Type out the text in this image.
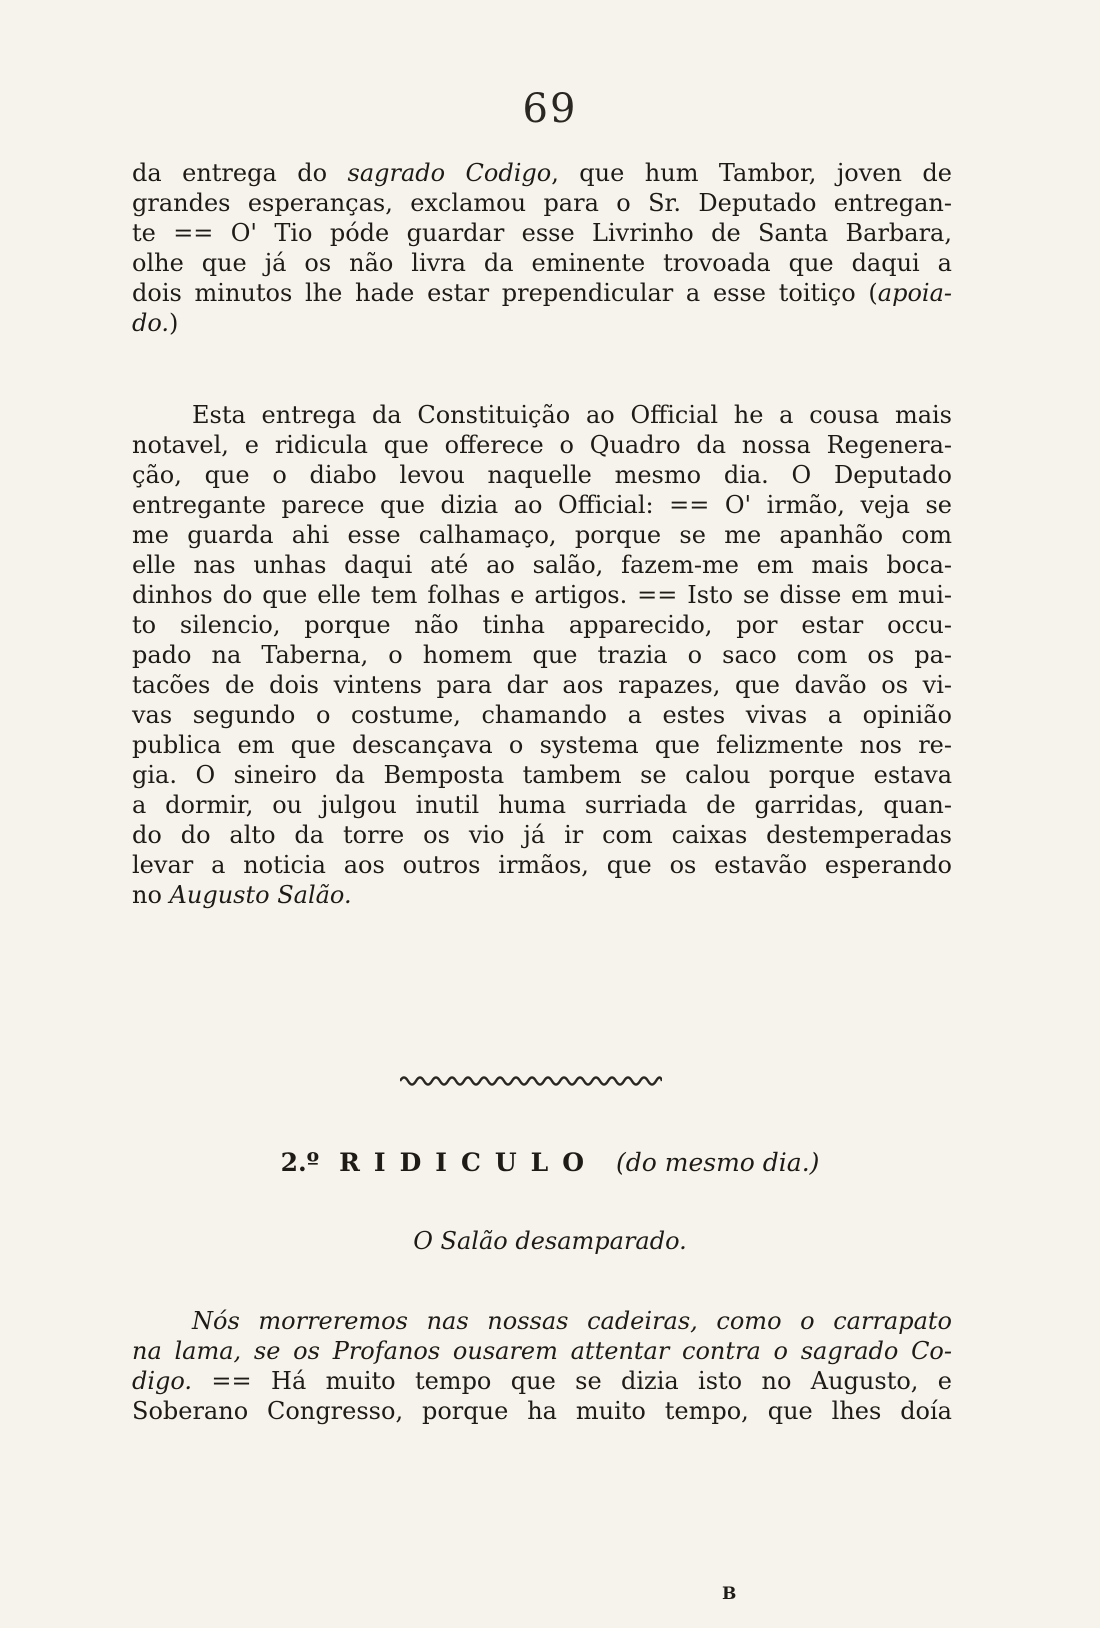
69
da entrega do sagrado Codigo, que hum Tambor, joven de
grandes esperanças, exclamou para o Sr. Deputado entregan-
te == O' Tio póde guardar esse Livrinho de Santa Barbara,
olhe que já os não livra da eminente trovoada que daqui a
dois minutos lhe hade estar prependicular a esse toitiço (apoia-
do.)
Esta entrega da Constituição ao Official he a cousa mais
notavel, e ridicula que offerece o Quadro da nossa Regenera-
ção, que o diabo levou naquelle mesmo dia. O Deputado
entregante parece que dizia ao Official: == O' irmão, veja se
me guarda ahi esse calhamaço, porque se me apanhão com
elle nas unhas daqui até ao salão, fazem-me em mais boca-
dinhos do que elle tem folhas e artigos. == Isto se disse em mui-
to silencio, porque não tinha apparecido, por estar occu-
pado na Taberna, o homem que trazia o saco com os pa-
tacões de dois vintens para dar aos rapazes, que davão os vi-
vas segundo o costume, chamando a estes vivas a opinião
publica em que descançava o systema que felizmente nos re-
gia. O sineiro da Bemposta tambem se calou porque estava
a dormir, ou julgou inutil huma surriada de garridas, quan-
do do alto da torre os vio já ir com caixas destemperadas
levar a noticia aos outros irmãos, que os estavão esperando
no Augusto Salão.
2.º RIDICULO (do mesmo dia.)
O Salão desamparado.
Nós morreremos nas nossas cadeiras, como o carrapato
na lama, se os Profanos ousarem attentar contra o sagrado Co-
digo. == Há muito tempo que se dizia isto no Augusto, e
Soberano Congresso, porque ha muito tempo, que lhes doía
B
